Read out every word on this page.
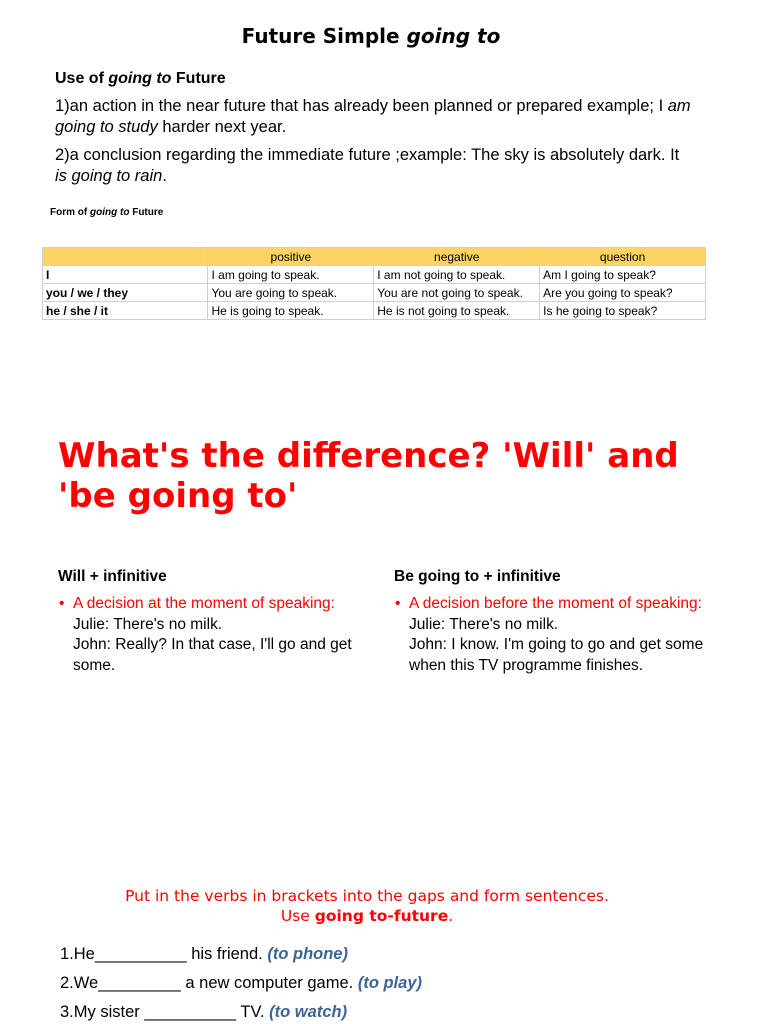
Future Simple going to
Use of going to Future
1)an action in the near future that has already been planned or prepared example; I am going to study harder next year.
2)a conclusion regarding the immediate future ;example: The sky is absolutely dark. It is going to rain.
Form of going to Future
	positive	negative	question
I	I am going to speak.	I am not going to speak.	Am I going to speak?
you / we / they	You are going to speak.	You are not going to speak.	Are you going to speak?
he / she / it	He is going to speak.	He is not going to speak.	Is he going to speak?
What's the difference? 'Will' and 'be going to'
Will + infinitive	Be going to + infinitive
• A decision at the moment of speaking:
Julie: There's no milk.
John: Really? In that case, I'll go and get some.
• A decision before the moment of speaking:
Julie: There's no milk.
John: I know. I'm going to go and get some when this TV programme finishes.
Put in the verbs in brackets into the gaps and form sentences.
Use going to-future.
1.He__________ his friend. (to phone)
2.We_________ a new computer game. (to play)
3.My sister __________ TV. (to watch)
